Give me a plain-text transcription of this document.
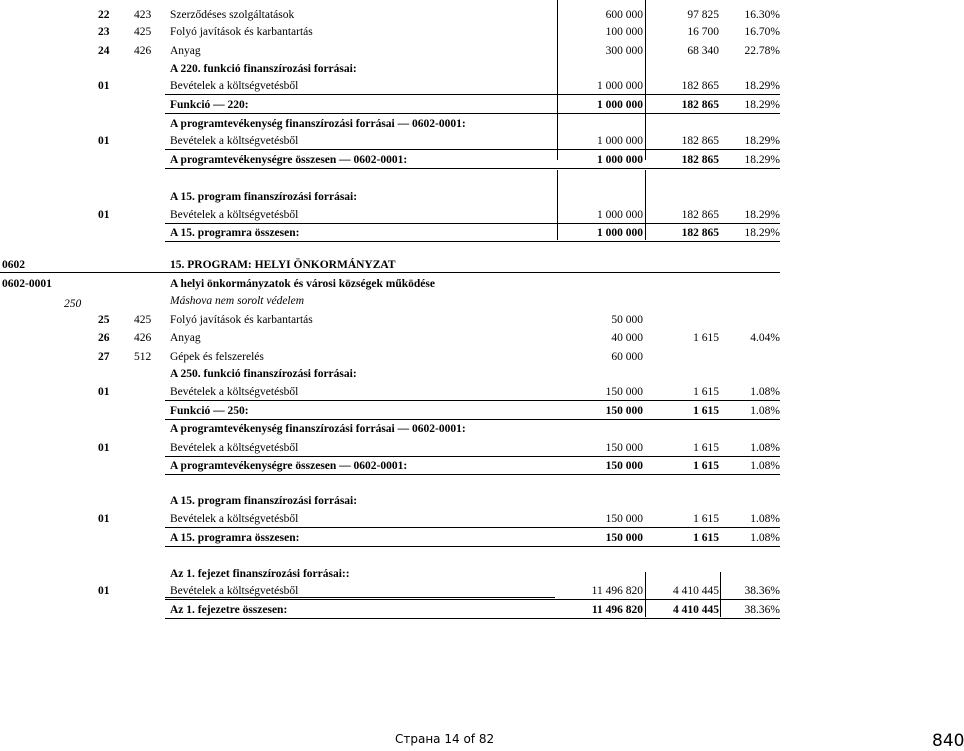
22 423 Szerződéses szolgáltatások	600 000	97 825	16.30%
23 425 Folyó javítások és karbantartás	100 000	16 700	16.70%
24 426 Anyag	300 000	68 340	22.78%
A 220. funkció finanszírozási forrásai:
01	Bevételek a költségvetésből	1 000 000	182 865	18.29%
Funkció — 220:	1 000 000	182 865	18.29%
A programtevékenység finanszírozási forrásai — 0602-0001:
01	Bevételek a költségvetésből	1 000 000	182 865	18.29%
A programtevékenységre összesen — 0602-0001:	1 000 000	182 865	18.29%
A 15. program finanszírozási forrásai:
01	Bevételek a költségvetésből	1 000 000	182 865	18.29%
A 15. programra összesen:	1 000 000	182 865	18.29%
0602	15. PROGRAM: HELYI ÖNKORMÁNYZAT
0602-0001	A helyi önkormányzatok és városi községek működése
250	Máshova nem sorolt védelem
25 425 Folyó javítások és karbantartás	50 000
26 426 Anyag	40 000	1 615	4.04%
27 512 Gépek és felszerelés	60 000
A 250. funkció finanszírozási forrásai:
01	Bevételek a költségvetésből	150 000	1 615	1.08%
Funkció — 250:	150 000	1 615	1.08%
A programtevékenység finanszírozási forrásai — 0602-0001:
01	Bevételek a költségvetésből	150 000	1 615	1.08%
A programtevékenységre összesen — 0602-0001:	150 000	1 615	1.08%
A 15. program finanszírozási forrásai:
01	Bevételek a költségvetésből	150 000	1 615	1.08%
A 15. programra összesen:	150 000	1 615	1.08%
Az 1. fejezet finanszírozási forrásai::
01	Bevételek a költségvetésből	11 496 820	4 410 445	38.36%
Az 1. fejezetre összesen:	11 496 820	4 410 445	38.36%
Страна 14 of 82	840
